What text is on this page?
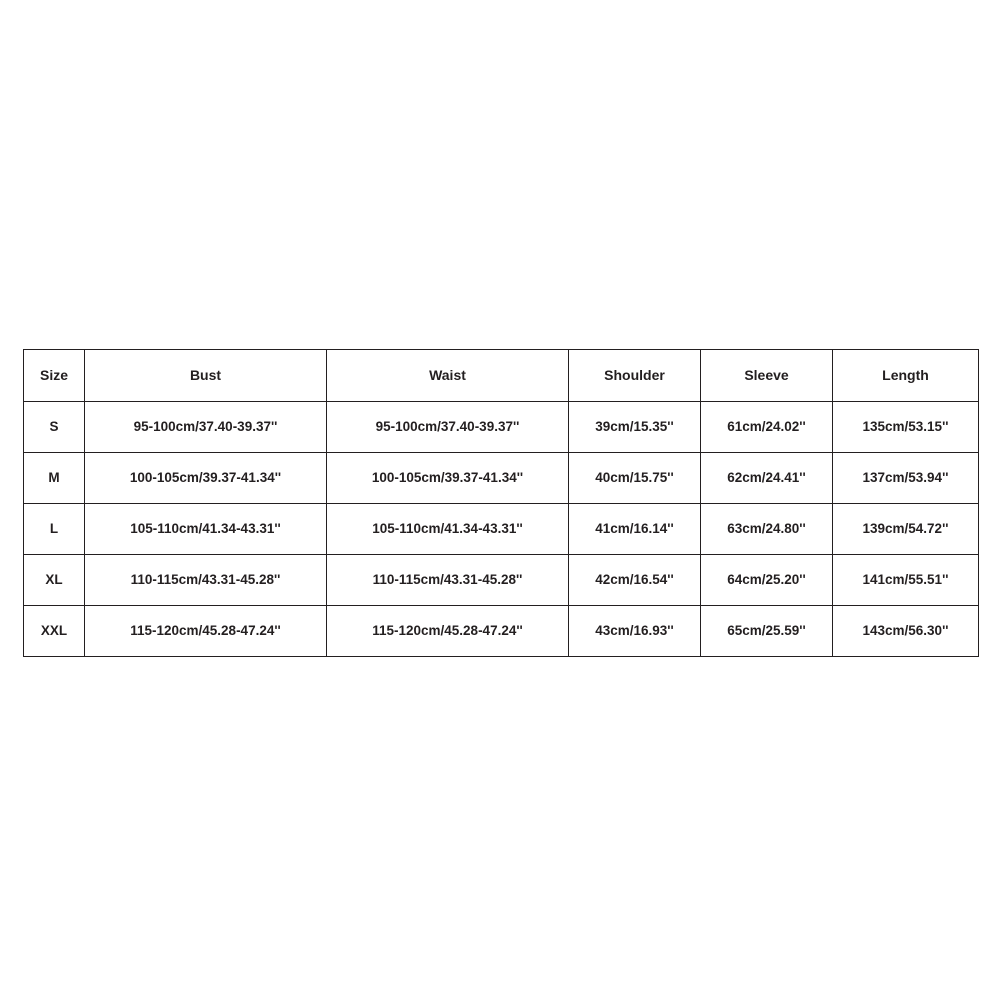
Size	Bust	Waist	Shoulder	Sleeve	Length
S	95-100cm/37.40-39.37''	95-100cm/37.40-39.37''	39cm/15.35''	61cm/24.02''	135cm/53.15''
M	100-105cm/39.37-41.34''	100-105cm/39.37-41.34''	40cm/15.75''	62cm/24.41''	137cm/53.94''
L	105-110cm/41.34-43.31''	105-110cm/41.34-43.31''	41cm/16.14''	63cm/24.80''	139cm/54.72''
XL	110-115cm/43.31-45.28''	110-115cm/43.31-45.28''	42cm/16.54''	64cm/25.20''	141cm/55.51''
XXL	115-120cm/45.28-47.24''	115-120cm/45.28-47.24''	43cm/16.93''	65cm/25.59''	143cm/56.30''
